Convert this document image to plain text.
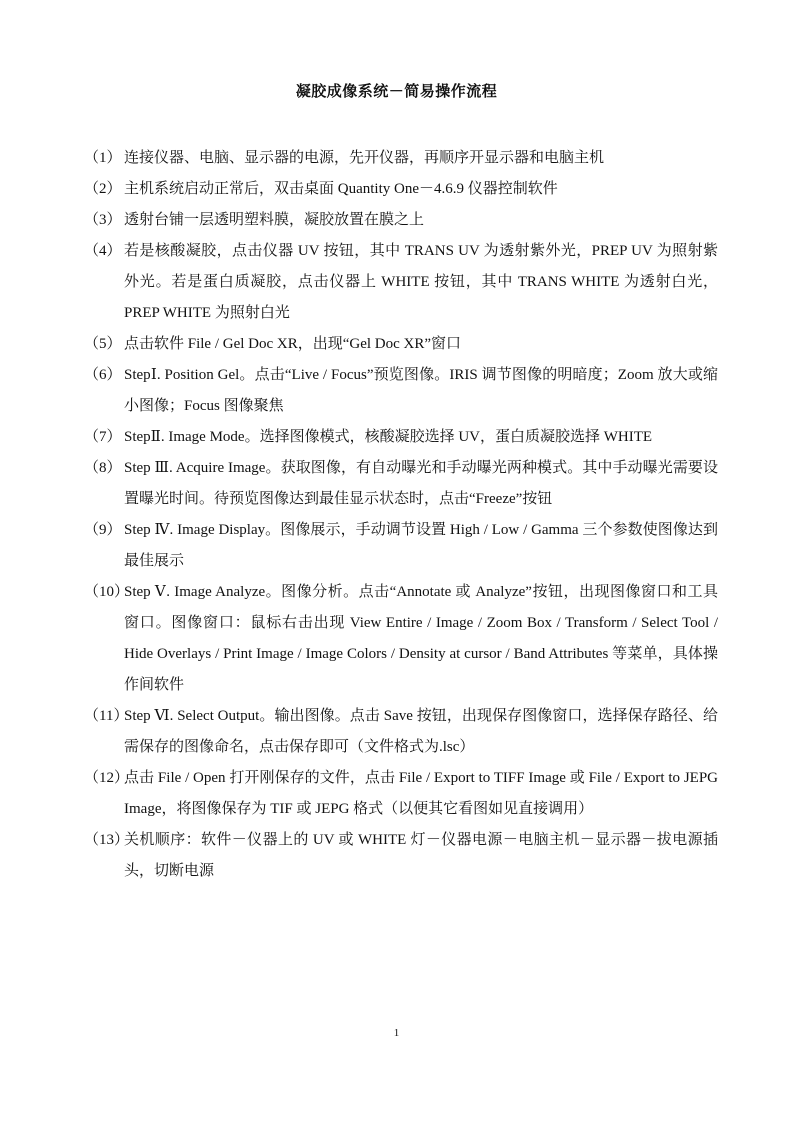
凝胶成像系统－简易操作流程
（1） 连接仪器、电脑、显示器的电源，先开仪器，再顺序开显示器和电脑主机
（2） 主机系统启动正常后，双击桌面 Quantity One－4.6.9 仪器控制软件
（3） 透射台铺一层透明塑料膜，凝胶放置在膜之上
（4） 若是核酸凝胶，点击仪器 UV 按钮，其中 TRANS UV 为透射紫外光，PREP UV 为照射紫外光。若是蛋白质凝胶，点击仪器上 WHITE 按钮，其中 TRANS WHITE 为透射白光，PREP WHITE 为照射白光
（5） 点击软件 File / Gel Doc XR，出现“Gel Doc XR”窗口
（6） StepⅠ. Position Gel。点击“Live / Focus”预览图像。IRIS 调节图像的明暗度；Zoom 放大或缩小图像；Focus 图像聚焦
（7） StepⅡ. Image Mode。选择图像模式，核酸凝胶选择 UV，蛋白质凝胶选择 WHITE
（8） Step Ⅲ. Acquire Image。获取图像，有自动曝光和手动曝光两种模式。其中手动曝光需要设置曝光时间。待预览图像达到最佳显示状态时，点击“Freeze”按钮
（9） Step Ⅳ. Image Display。图像展示，手动调节设置 High / Low / Gamma 三个参数使图像达到最佳展示
（10）
Step Ⅴ. Image Analyze。图像分析。点击“Annotate 或 Analyze”按钮，出现图像窗口和工具窗口。图像窗口：鼠标右击出现 View Entire / Image / Zoom Box / Transform / Select Tool / Hide Overlays / Print Image / Image Colors / Density at cursor / Band Attributes 等菜单，具体操作间软件
（11）
Step Ⅵ. Select Output。输出图像。点击 Save 按钮，出现保存图像窗口，选择保存路径、给需保存的图像命名，点击保存即可（文件格式为.lsc）
（12）
点击 File / Open 打开刚保存的文件，点击 File / Export to TIFF Image 或 File / Export to JEPG Image，将图像保存为 TIF 或 JEPG 格式（以便其它看图如见直接调用）
（13）
关机顺序：软件－仪器上的 UV 或 WHITE 灯－仪器电源－电脑主机－显示器－拔电源插头，切断电源
1
